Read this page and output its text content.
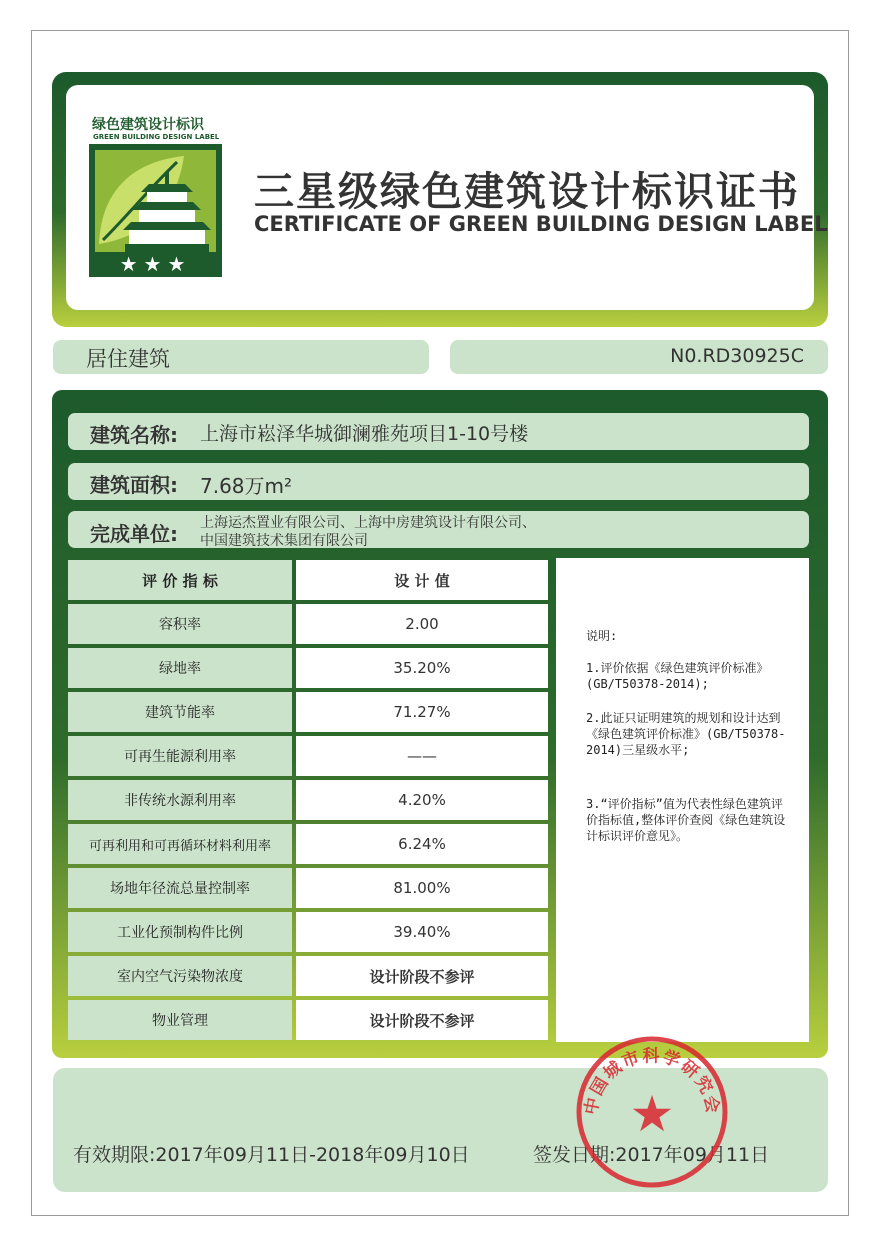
绿色建筑设计标识
GREEN BUILDING DESIGN LABEL
★★★
三星级绿色建筑设计标识证书
CERTIFICATE OF GREEN BUILDING DESIGN LABEL
居住建筑	N0.RD30925C
建筑名称: 上海市崧泽华城御澜雅苑项目1-10号楼
建筑面积: 7.68万m²
完成单位: 上海运杰置业有限公司、上海中房建筑设计有限公司、
中国建筑技术集团有限公司
评 价 指 标	设 计 值
容积率	2.00
绿地率	35.20%
建筑节能率	71.27%
可再生能源利用率	——
非传统水源利用率	4.20%
可再利用和可再循环材料利用率	6.24%
场地年径流总量控制率	81.00%
工业化预制构件比例	39.40%
室内空气污染物浓度	设计阶段不参评
物业管理	设计阶段不参评
说明:
1.评价依据《绿色建筑评价标准》(GB/T50378-2014);
2.此证只证明建筑的规划和设计达到《绿色建筑评价标准》(GB/T50378-2014)三星级水平;
3.“评价指标”值为代表性绿色建筑评价指标值,整体评价查阅《绿色建筑设计标识评价意见》。
有效期限:2017年09月11日-2018年09月10日	签发日期:2017年09月11日
中国城市科学研究会
★
